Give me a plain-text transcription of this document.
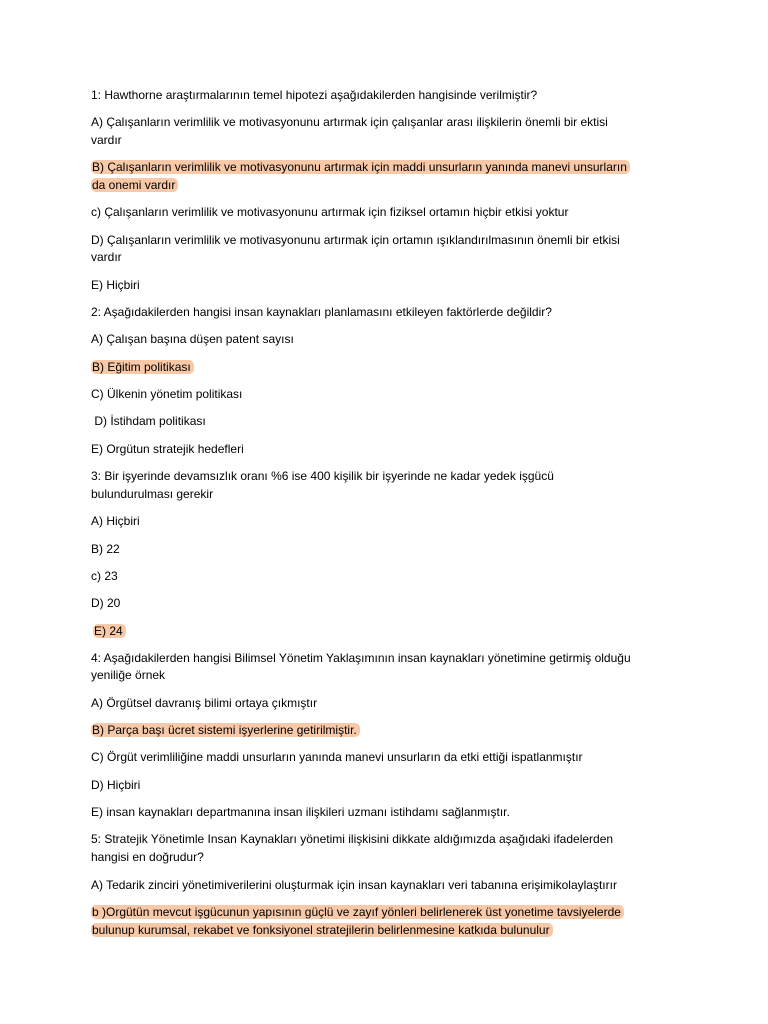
1: Hawthorne araştırmalarının temel hipotezi aşağıdakilerden hangisinde verilmiştir?
A) Çalışanların verimlilik ve motivasyonunu artırmak için çalışanlar arası ilişkilerin önemli bir ektisi
vardır
B) Çalışanların verimlilik ve motivasyonunu artırmak için maddi unsurların yanında manevi unsurların
da onemi vardır
c) Çalışanların verimlilik ve motivasyonunu artırmak için fiziksel ortamın hiçbir etkisi yoktur
D) Çalışanların verimlilik ve motivasyonunu artırmak için ortamın ışıklandırılmasının önemli bir etkisi
vardır
E) Hiçbiri
2: Aşağıdakilerden hangisi insan kaynakları planlamasını etkileyen faktörlerde değildir?
A) Çalışan başına düşen patent sayısı
B) Eğitim politikası
C) Ülkenin yönetim politikası
D) İstihdam politikası
E) Orgütun stratejik hedefleri
3: Bir işyerinde devamsızlık oranı %6 ise 400 kişilik bir işyerinde ne kadar yedek işgücü
bulundurulması gerekir
A) Hiçbiri
B) 22
c) 23
D) 20
E) 24
4: Aşağıdakilerden hangisi Bilimsel Yönetim Yaklaşımının insan kaynakları yönetimine getirmiş olduğu
yeniliğe örnek
A) Örgütsel davranış bilimi ortaya çıkmıştır
B) Parça başı ücret sistemi işyerlerine getirilmiştir.
C) Örgüt verimliliğine maddi unsurların yanında manevi unsurların da etki ettiği ispatlanmıştır
D) Hiçbiri
E) insan kaynakları departmanına insan ilişkileri uzmanı istihdamı sağlanmıştır.
5: Stratejik Yönetimle Insan Kaynakları yönetimi ilişkisini dikkate aldığımızda aşağıdaki ifadelerden
hangisi en doğrudur?
A) Tedarik zinciri yönetimiverilerini oluşturmak için insan kaynakları veri tabanına erişimikolaylaştırır
b )Orgütün mevcut işgücunun yapısının güçlü ve zayıf yönleri belirlenerek üst yonetime tavsiyelerde
bulunup kurumsal, rekabet ve fonksiyonel stratejilerin belirlenmesine katkıda bulunulur
